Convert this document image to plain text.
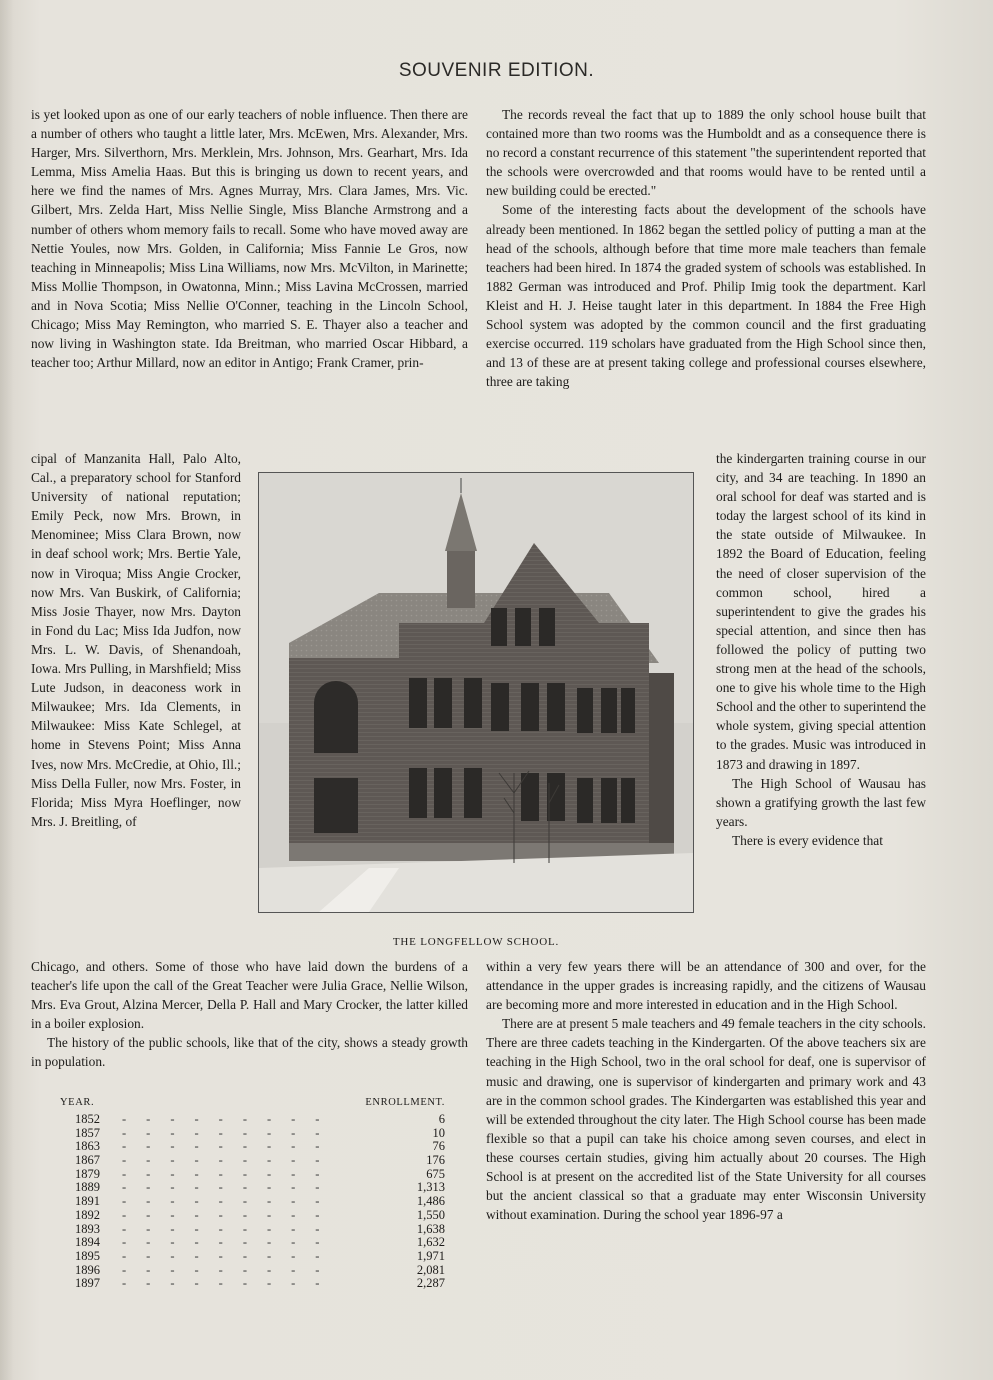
SOUVENIR EDITION.

is yet looked upon as one of our early teachers of noble influence. Then there are a number of others who taught a little later, Mrs. McEwen, Mrs. Alexander, Mrs. Harger, Mrs. Silverthorn, Mrs. Merklein, Mrs. Johnson, Mrs. Gearhart, Mrs. Ida Lemma, Miss Amelia Haas. But this is bringing us down to recent years, and here we find the names of Mrs. Agnes Murray, Mrs. Clara James, Mrs. Vic. Gilbert, Mrs. Zelda Hart, Miss Nellie Single, Miss Blanche Armstrong and a number of others whom memory fails to recall. Some who have moved away are Nettie Youles, now Mrs. Golden, in California; Miss Fannie Le Gros, now teaching in Minneapolis; Miss Lina Williams, now Mrs. McVilton, in Marinette; Miss Mollie Thompson, in Owatonna, Minn.; Miss Lavina McCrossen, married and in Nova Scotia; Miss Nellie O'Conner, teaching in the Lincoln School, Chicago; Miss May Remington, who married S. E. Thayer also a teacher and now living in Washington state. Ida Breitman, who married Oscar Hibbard, a teacher too; Arthur Millard, now an editor in Antigo; Frank Cramer, prin-

cipal of Manzanita Hall, Palo Alto, Cal., a preparatory school for Stanford University of national reputation; Emily Peck, now Mrs. Brown, in Menominee; Miss Clara Brown, now in deaf school work; Mrs. Bertie Yale, now in Viroqua; Miss Angie Crocker, now Mrs. Van Buskirk, of California; Miss Josie Thayer, now Mrs. Dayton in Fond du Lac; Miss Ida Judfon, now Mrs. L. W. Davis, of Shenandoah, Iowa. Mrs Pulling, in Marshfield; Miss Lute Judson, in deaconess work in Milwaukee; Mrs. Ida Clements, in Milwaukee: Miss Kate Schlegel, at home in Stevens Point; Miss Anna Ives, now Mrs. McCredie, at Ohio, Ill.; Miss Della Fuller, now Mrs. Foster, in Florida; Miss Myra Hoeflinger, now Mrs. J. Breitling, of

THE LONGFELLOW SCHOOL.

The records reveal the fact that up to 1889 the only school house built that contained more than two rooms was the Humboldt and as a consequence there is no record a constant recurrence of this statement "the superintendent reported that the schools were overcrowded and that rooms would have to be rented until a new building could be erected."

Some of the interesting facts about the development of the schools have already been mentioned. In 1862 began the settled policy of putting a man at the head of the schools, although before that time more male teachers than female teachers had been hired. In 1874 the graded system of schools was established. In 1882 German was introduced and Prof. Philip Imig took the department. Karl Kleist and H. J. Heise taught later in this department. In 1884 the Free High School system was adopted by the common council and the first graduating exercise occurred. 119 scholars have graduated from the High School since then, and 13 of these are at present taking college and professional courses elsewhere, three are taking

the kindergarten training course in our city, and 34 are teaching. In 1890 an oral school for deaf was started and is today the largest school of its kind in the state outside of Milwaukee. In 1892 the Board of Education, feeling the need of closer supervision of the common school, hired a superintendent to give the grades his special attention, and since then has followed the policy of putting two strong men at the head of the schools, one to give his whole time to the High School and the other to superintend the whole system, giving special attention to the grades. Music was introduced in 1873 and drawing in 1897.

The High School of Wausau has shown a gratifying growth the last few years.

There is every evidence that

Chicago, and others. Some of those who have laid down the burdens of a teacher's life upon the call of the Great Teacher were Julia Grace, Nellie Wilson, Mrs. Eva Grout, Alzina Mercer, Della P. Hall and Mary Crocker, the latter killed in a boiler explosion.

The history of the public schools, like that of the city, shows a steady growth in population.

within a very few years there will be an attendance of 300 and over, for the attendance in the upper grades is increasing rapidly, and the citizens of Wausau are becoming more and more interested in education and in the High School.

There are at present 5 male teachers and 49 female teachers in the city schools. There are three cadets teaching in the Kindergarten. Of the above teachers six are teaching in the High School, two in the oral school for deaf, one is supervisor of music and drawing, one is supervisor of kindergarten and primary work and 43 are in the common school grades. The Kindergarten was established this year and will be extended throughout the city later. The High School course has been made flexible so that a pupil can take his choice among seven courses, and elect in these courses certain studies, giving him actually about 20 courses. The High School is at present on the accredited list of the State University for all courses but the ancient classical so that a graduate may enter Wisconsin University without examination. During the school year 1896-97 a

YEAR.	ENROLLMENT.
1852	---------	6
1857	---------	10
1863	---------	76
1867	---------	176
1879	---------	675
1889	---------	1,313
1891	---------	1,486
1892	---------	1,550
1893	---------	1,638
1894	---------	1,632
1895	---------	1,971
1896	---------	2,081
1897	---------	2,287
